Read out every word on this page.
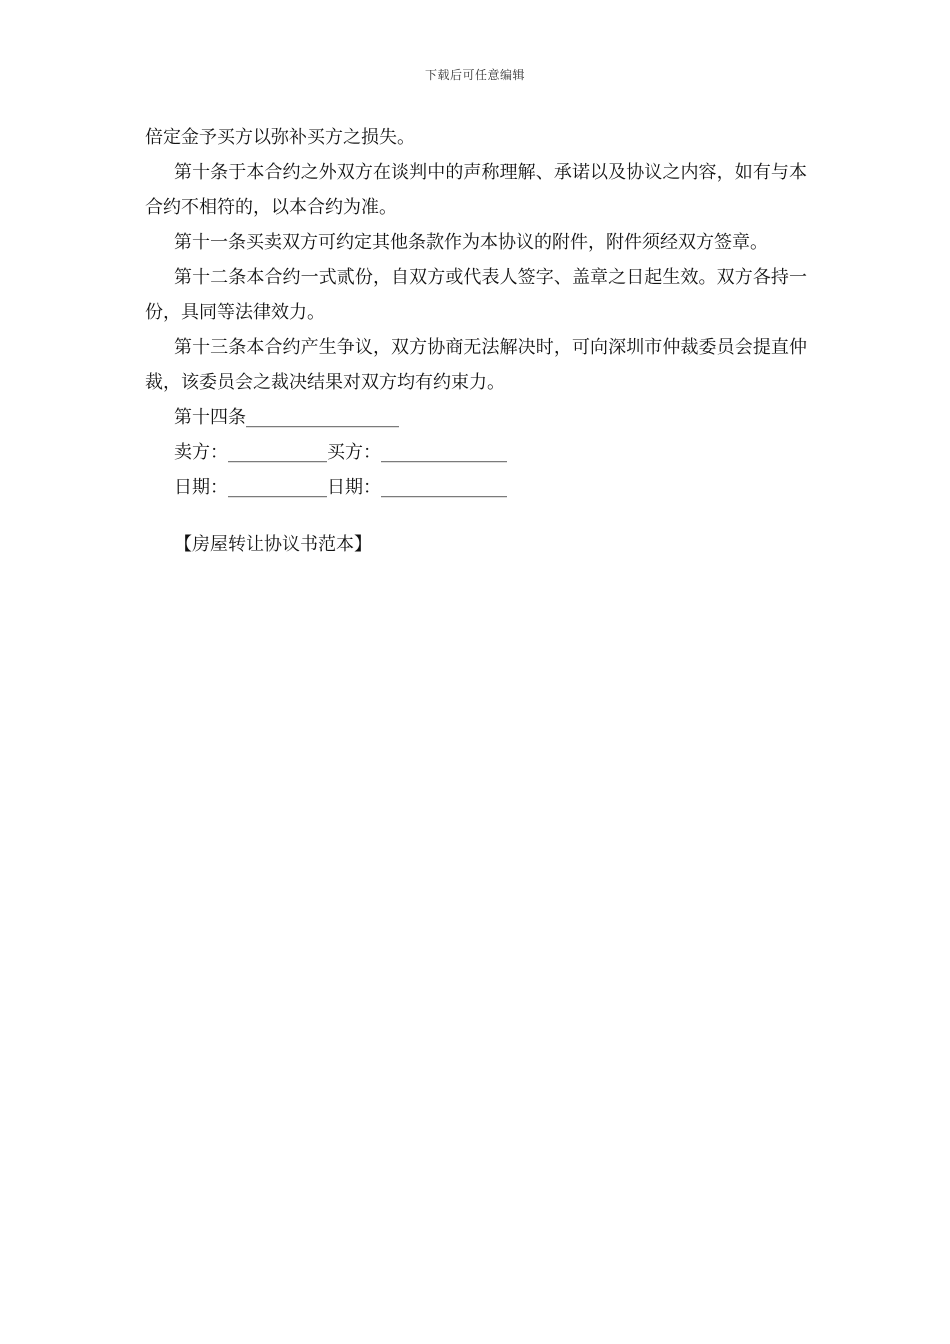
下载后可任意编辑

倍定金予买方以弥补买方之损失。

第十条于本合约之外双方在谈判中的声称理解、承诺以及协议之内容，如有与本合约不相符的，以本合约为准。

第十一条买卖双方可约定其他条款作为本协议的附件，附件须经双方签章。

第十二条本合约一式贰份，自双方或代表人签字、盖章之日起生效。双方各持一份，具同等法律效力。

第十三条本合约产生争议，双方协商无法解决时，可向深圳市仲裁委员会提直仲裁，该委员会之裁决结果对双方均有约束力。

第十四条_________________

卖方：___________买方：______________

日期：___________日期：______________

【房屋转让协议书范本】
